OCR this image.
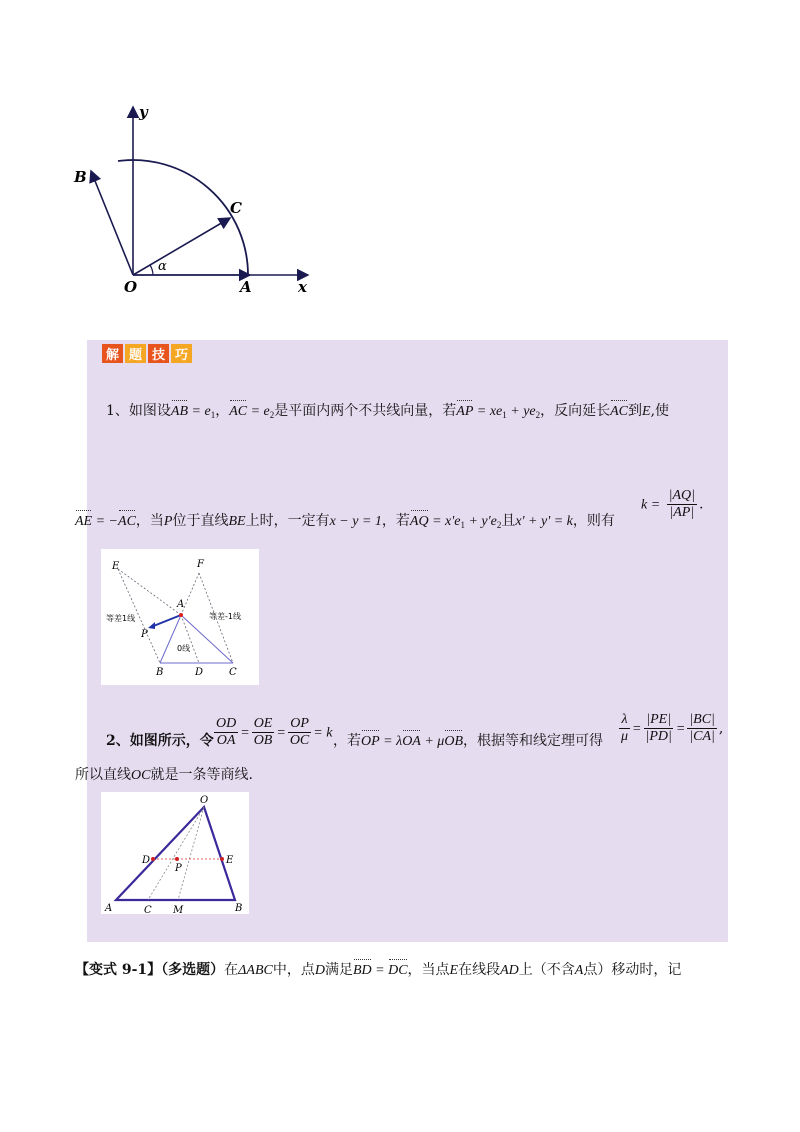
y
x
O	A
B
C
α
解 题 技 巧
1、如图设AB = $e_1$，AC = $e_2$是平面内两个不共线向量，若AP = $xe_1 + ye_2$，反向延长AC到E,使
AE = −AC，当P位于直线BE上时，一定有x − y = 1，若AQ = $x'e_1 + y'e_2$且x' + y' = k，则有
$k = \frac{|AQ|}{|AP|}$ .
E	F
A
P
B	D	C
等差1线
0线
等差-1线
2、如图所示，令 $\frac{OD}{OA} = \frac{OE}{OB} = \frac{OP}{OC} = k$ ，若OP = λOA + μOB，根据等和线定理可得 $\frac{\lambda}{\mu} = \frac{|PE|}{|PD|} = \frac{|BC|}{|CA|}$ ,
所以直线OC就是一条等商线.
O
D
P
E
A	C M	B
【变式 9-1】（多选题）在ΔABC中，点D满足BD = DC，当点E在线段AD上（不含A点）移动时，记
